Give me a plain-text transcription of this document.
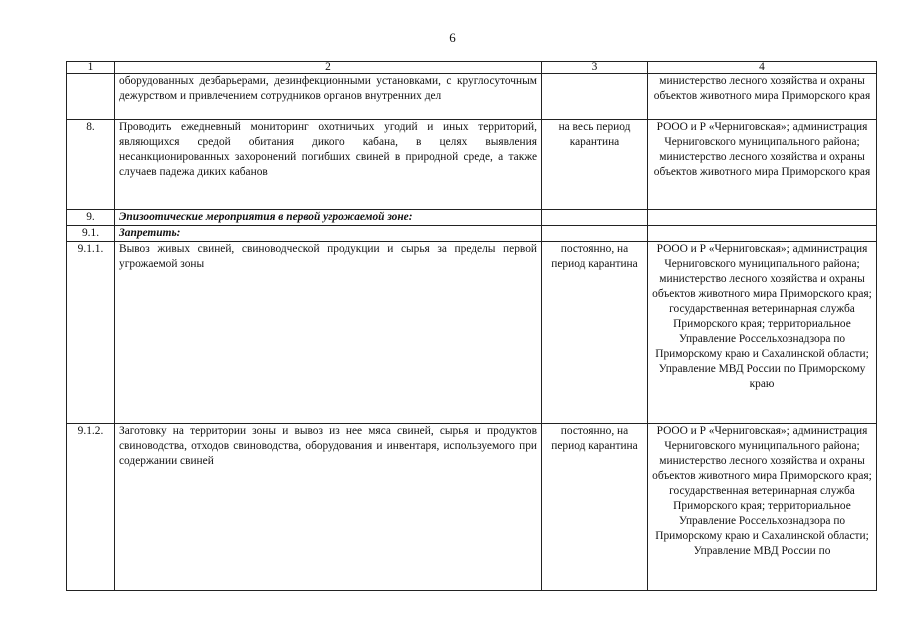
6
1	2	3	4
	оборудованных дезбарьерами, дезинфекционными установками, с круглосуточным дежурством и привлечением сотрудников органов внутренних дел		министерство лесного хозяйства и охраны объектов животного мира Приморского края
8.	Проводить ежедневный мониторинг охотничьих угодий и иных территорий, являющихся средой обитания дикого кабана, в целях выявления несанкционированных захоронений погибших свиней в природной среде, а также случаев падежа диких кабанов	на весь период карантина	РООО и Р «Черниговская»; администрация Черниговского муниципального района; министерство лесного хозяйства и охраны объектов животного мира Приморского края
9.	Эпизоотические мероприятия в первой угрожаемой зоне:		
9.1.	Запретить:		
9.1.1.	Вывоз живых свиней, свиноводческой продукции и сырья за пределы первой угрожаемой зоны	постоянно, на период карантина	РООО и Р «Черниговская»; администрация Черниговского муниципального района; министерство лесного хозяйства и охраны объектов животного мира Приморского края; государственная ветеринарная служба Приморского края; территориальное Управление Россельхознадзора по Приморскому краю и Сахалинской области; Управление МВД России по Приморскому краю
9.1.2.	Заготовку на территории зоны и вывоз из нее мяса свиней, сырья и продуктов свиноводства, отходов свиноводства, оборудования и инвентаря, используемого при содержании свиней	постоянно, на период карантина	РООО и Р «Черниговская»; администрация Черниговского муниципального района; министерство лесного хозяйства и охраны объектов животного мира Приморского края; государственная ветеринарная служба Приморского края; территориальное Управление Россельхознадзора по Приморскому краю и Сахалинской области; Управление МВД России по
